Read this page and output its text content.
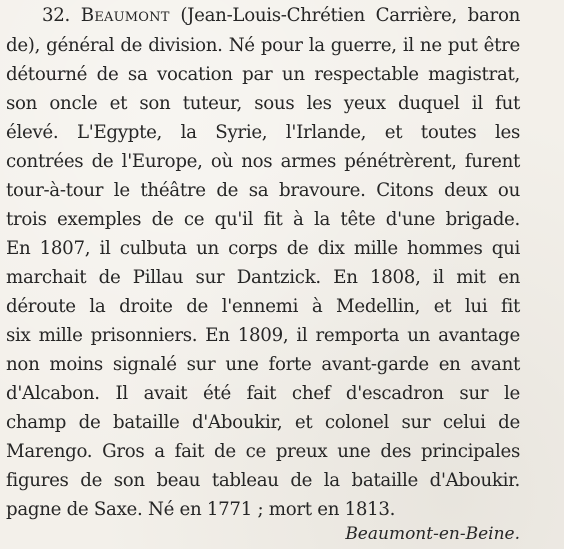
32. Beaumont (Jean-Louis-Chrétien Carrière, baron
de), général de division. Né pour la guerre, il ne put être
détourné de sa vocation par un respectable magistrat,
son oncle et son tuteur, sous les yeux duquel il fut
élevé. L'Egypte, la Syrie, l'Irlande, et toutes les
contrées de l'Europe, où nos armes pénétrèrent, furent
tour-à-tour le théâtre de sa bravoure. Citons deux ou
trois exemples de ce qu'il fit à la tête d'une brigade.
En 1807, il culbuta un corps de dix mille hommes qui
marchait de Pillau sur Dantzick. En 1808, il mit en
déroute la droite de l'ennemi à Medellin, et lui fit
six mille prisonniers. En 1809, il remporta un avantage
non moins signalé sur une forte avant-garde en avant
d'Alcabon. Il avait été fait chef d'escadron sur le
champ de bataille d'Aboukir, et colonel sur celui de
Marengo. Gros a fait de ce preux une des principales
figures de son beau tableau de la bataille d'Aboukir.
pagne de Saxe. Né en 1771 ; mort en 1813.
Beaumont-en-Beine.
